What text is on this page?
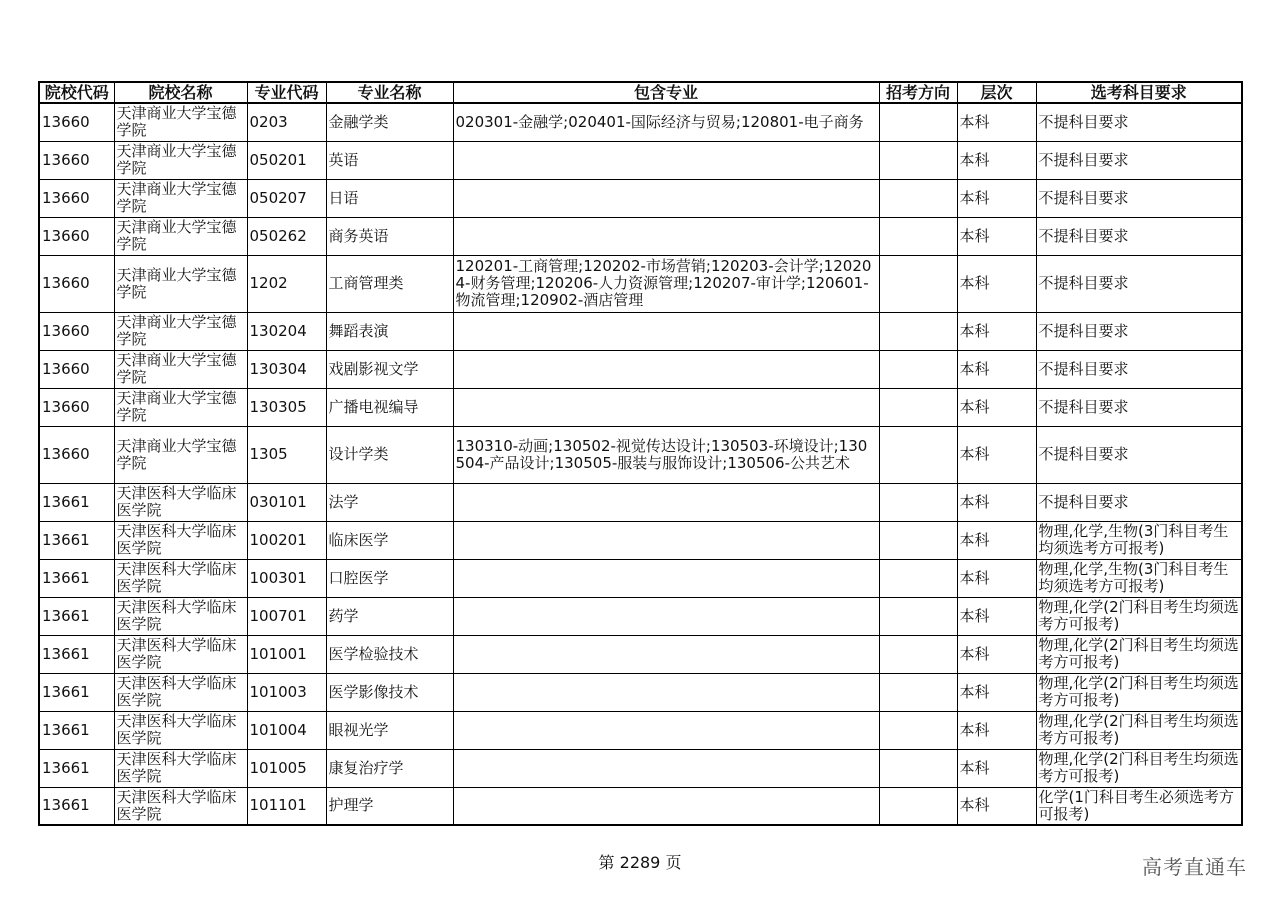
院校代码	院校名称	专业代码	专业名称	包含专业	招考方向	层次	选考科目要求
13660	天津商业大学宝德学院	0203	金融学类	020301-金融学;020401-国际经济与贸易;120801-电子商务		本科	不提科目要求
13660	天津商业大学宝德学院	050201	英语			本科	不提科目要求
13660	天津商业大学宝德学院	050207	日语			本科	不提科目要求
13660	天津商业大学宝德学院	050262	商务英语			本科	不提科目要求
13660	天津商业大学宝德学院	1202	工商管理类	120201-工商管理;120202-市场营销;120203-会计学;120204-财务管理;120206-人力资源管理;120207-审计学;120601-物流管理;120902-酒店管理		本科	不提科目要求
13660	天津商业大学宝德学院	130204	舞蹈表演			本科	不提科目要求
13660	天津商业大学宝德学院	130304	戏剧影视文学			本科	不提科目要求
13660	天津商业大学宝德学院	130305	广播电视编导			本科	不提科目要求
13660	天津商业大学宝德学院	1305	设计学类	130310-动画;130502-视觉传达设计;130503-环境设计;130504-产品设计;130505-服装与服饰设计;130506-公共艺术		本科	不提科目要求
13661	天津医科大学临床医学院	030101	法学			本科	不提科目要求
13661	天津医科大学临床医学院	100201	临床医学			本科	物理,化学,生物(3门科目考生均须选考方可报考)
13661	天津医科大学临床医学院	100301	口腔医学			本科	物理,化学,生物(3门科目考生均须选考方可报考)
13661	天津医科大学临床医学院	100701	药学			本科	物理,化学(2门科目考生均须选考方可报考)
13661	天津医科大学临床医学院	101001	医学检验技术			本科	物理,化学(2门科目考生均须选考方可报考)
13661	天津医科大学临床医学院	101003	医学影像技术			本科	物理,化学(2门科目考生均须选考方可报考)
13661	天津医科大学临床医学院	101004	眼视光学			本科	物理,化学(2门科目考生均须选考方可报考)
13661	天津医科大学临床医学院	101005	康复治疗学			本科	物理,化学(2门科目考生均须选考方可报考)
13661	天津医科大学临床医学院	101101	护理学			本科	化学(1门科目考生必须选考方可报考)
第 2289 页	高考直通车
